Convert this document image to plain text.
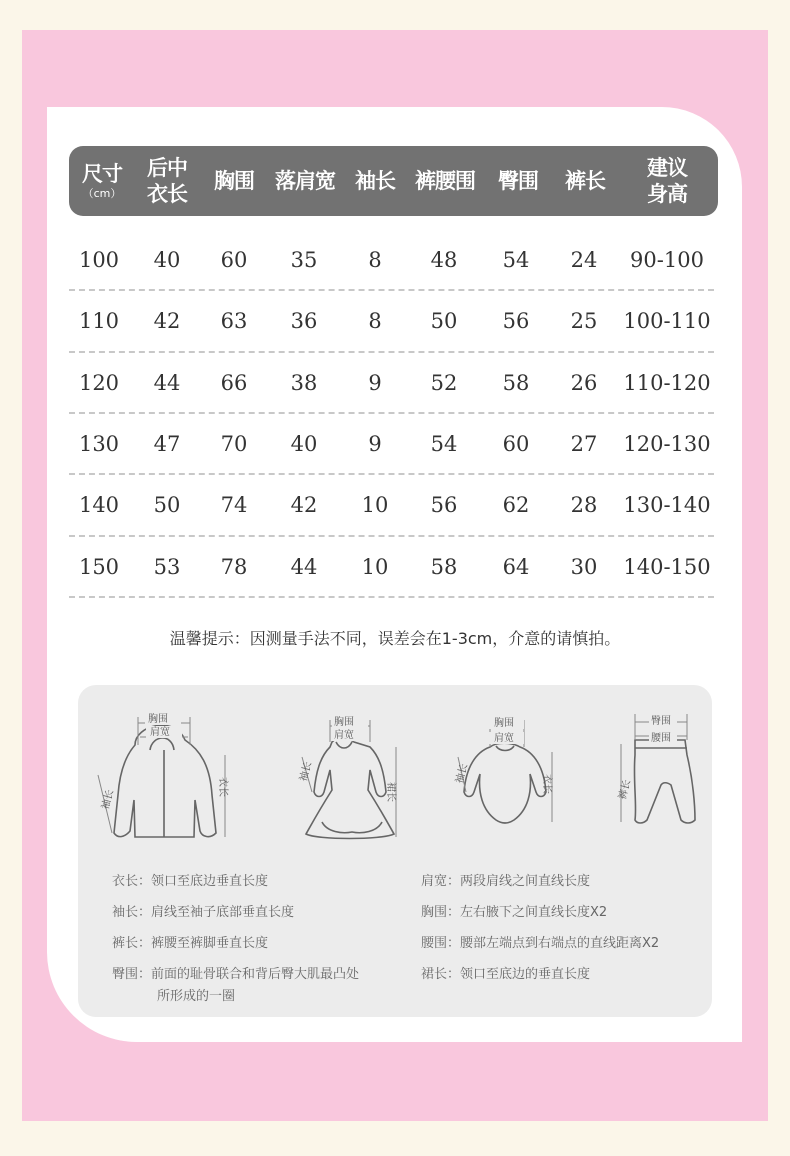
尺寸
（cm）
后中
衣长
胸围 落肩宽 袖长 裤腰围 臀围 裤长
建议
身高
100 40 60 35 8 48 54 24 90-100
110 42 63 36 8 50 56 25 100-110
120 44 66 38 9 52 58 26 110-120
130 47 70 40 9 54 60 27 120-130
140 50 74 42 10 56 62 28 130-140
150 53 78 44 10 58 64 30 140-150
温馨提示：因测量手法不同，误差会在1-3cm，介意的请慎拍。
胸围
肩宽
袖长
衣长
胸围
肩宽
袖长
裙长
胸围
肩宽
袖长	衣长
臀围
腰围
裤长
衣长：领口至底边垂直长度
袖长：肩线至袖子底部垂直长度
裤长：裤腰至裤脚垂直长度
臀围：前面的耻骨联合和背后臀大肌最凸处
所形成的一圈
肩宽：两段肩线之间直线长度
胸围：左右腋下之间直线长度X2
腰围：腰部左端点到右端点的直线距离X2
裙长：领口至底边的垂直长度
